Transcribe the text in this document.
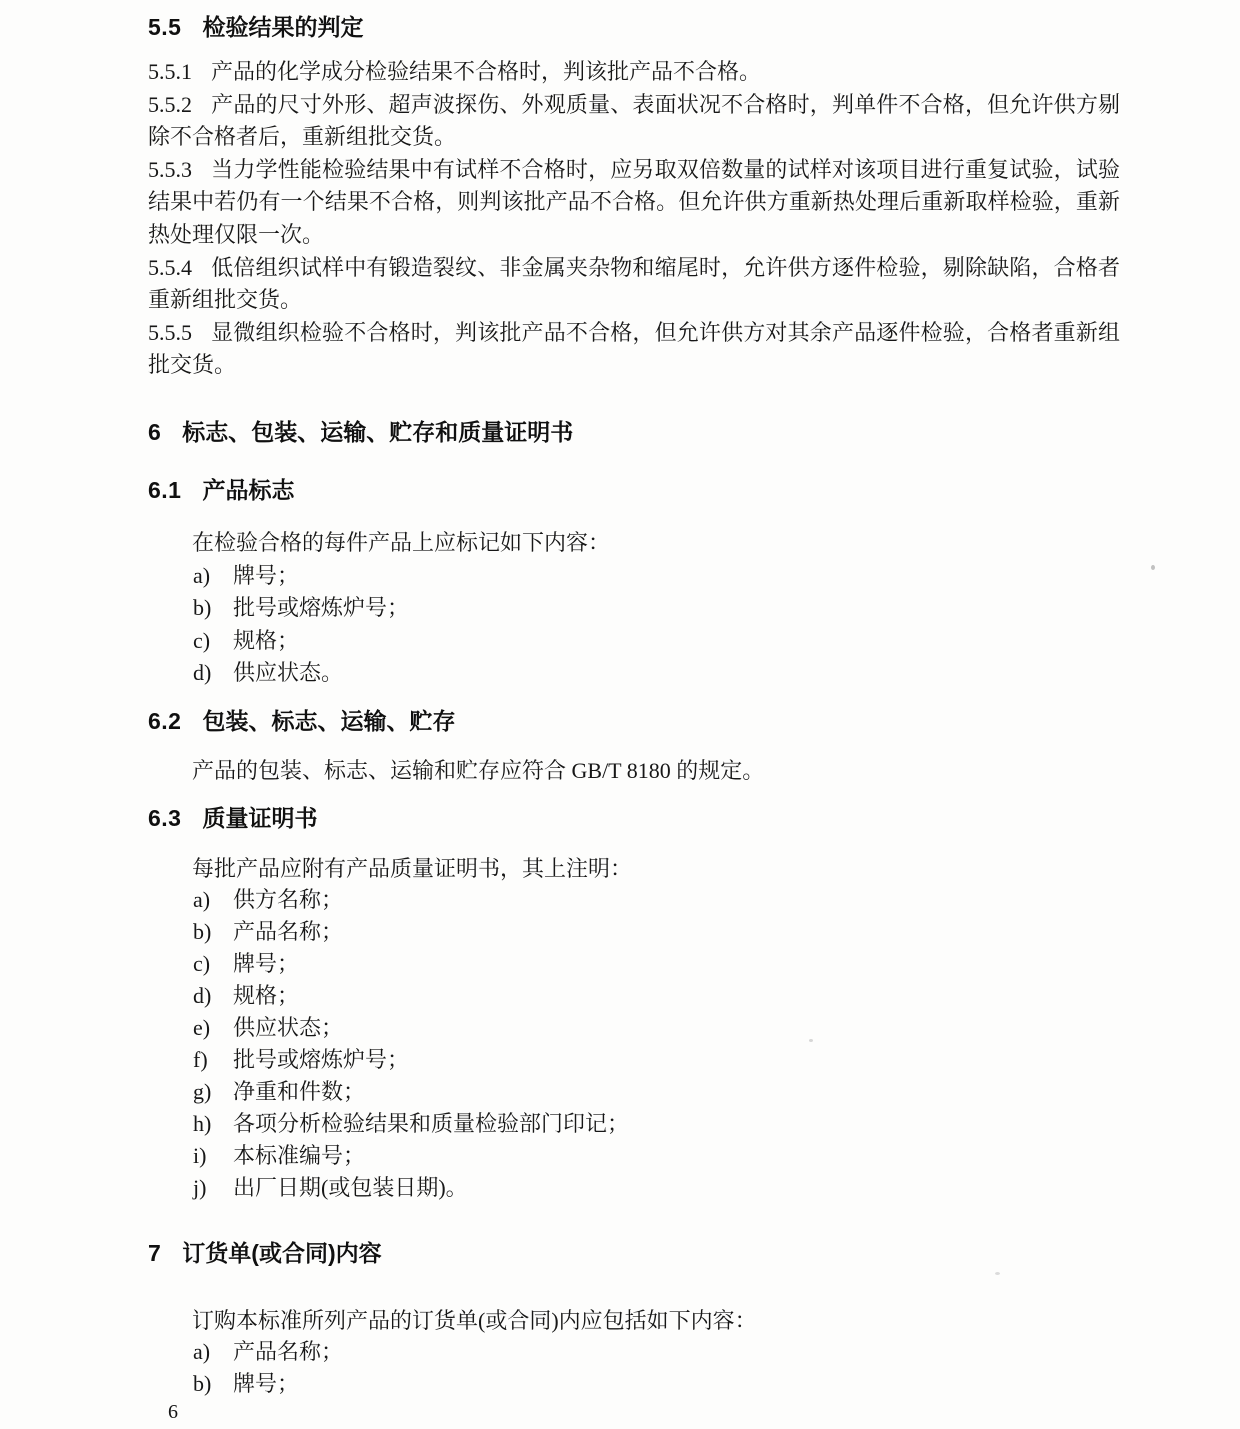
5.5 检验结果的判定

5.5.1 产品的化学成分检验结果不合格时，判该批产品不合格。

5.5.2 产品的尺寸外形、超声波探伤、外观质量、表面状况不合格时，判单件不合格，但允许供方剔除不合格者后，重新组批交货。

5.5.3 当力学性能检验结果中有试样不合格时，应另取双倍数量的试样对该项目进行重复试验，试验结果中若仍有一个结果不合格，则判该批产品不合格。但允许供方重新热处理后重新取样检验，重新热处理仅限一次。

5.5.4 低倍组织试样中有锻造裂纹、非金属夹杂物和缩尾时，允许供方逐件检验，剔除缺陷，合格者重新组批交货。

5.5.5 显微组织检验不合格时，判该批产品不合格，但允许供方对其余产品逐件检验，合格者重新组批交货。

6 标志、包装、运输、贮存和质量证明书
6.1 产品标志
在检验合格的每件产品上应标记如下内容：
a)	牌号；
b) 批号或熔炼炉号；
c)	规格；
d) 供应状态。
6.2 包装、标志、运输、贮存
产品的包装、标志、运输和贮存应符合 GB/T 8180 的规定。
6.3 质量证明书
每批产品应附有产品质量证明书，其上注明：
a)	供方名称；
b) 产品名称；
c)	牌号；
d) 规格；
e)	供应状态；
f)	批号或熔炼炉号；
g) 净重和件数；
h) 各项分析检验结果和质量检验部门印记；
i)	本标准编号；
j)	出厂日期(或包装日期)。
7 订货单(或合同)内容
订购本标准所列产品的订货单(或合同)内应包括如下内容：
a)	产品名称；
b) 牌号；
6
